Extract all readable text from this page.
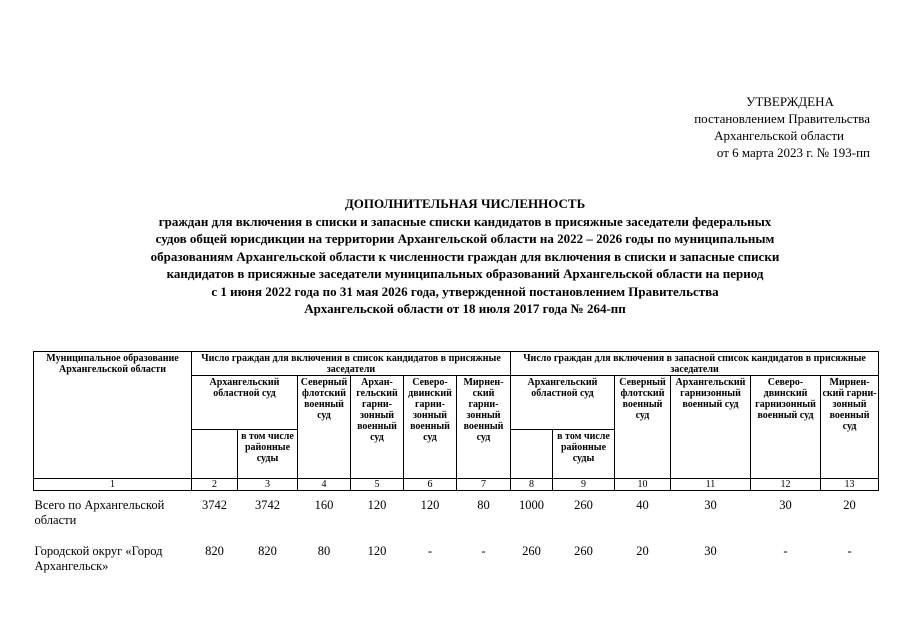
УТВЕРЖДЕНА
постановлением Правительства
Архангельской области
от 6 марта 2023 г. № 193-пп
ДОПОЛНИТЕЛЬНАЯ ЧИСЛЕННОСТЬ
граждан для включения в списки и запасные списки кандидатов в присяжные заседатели федеральных
судов общей юрисдикции на территории Архангельской области на 2022 – 2026 годы по муниципальным
образованиям Архангельской области к численности граждан для включения в списки и запасные списки
кандидатов в присяжные заседатели муниципальных образований Архангельской области на период
с 1 июня 2022 года по 31 мая 2026 года, утвержденной постановлением Правительства
Архангельской области от 18 июля 2017 года № 264-пп
Муниципальное образование Архангельской области	Число граждан для включения в список кандидатов в присяжные заседатели						Число граждан для включения в запасной список кандидатов в присяжные заседатели					
	Архангельский областной суд		Северный флотский военный суд	Архан-гельский гарни-зонный военный суд	Северо-двинский гарни-зонный военный суд	Мирнен-ский гарни-зонный военный суд	Архангельский областной суд		Северный флотский военный суд	Архангельский гарнизонный военный суд	Северо-двинский гарнизонный военный суд	Мирнен-ский гарни-зонный военный суд
		в том числе районные суды						в том числе районные суды				
1	2	3	4	5	6	7	8	9	10	11	12	13
Всего по Архангельской области	3742	3742	160	120	120	80	1000	260	40	30	30	20
Городской округ «Город Архангельск»	820	820	80	120	-	-	260	260	20	30	-	-
